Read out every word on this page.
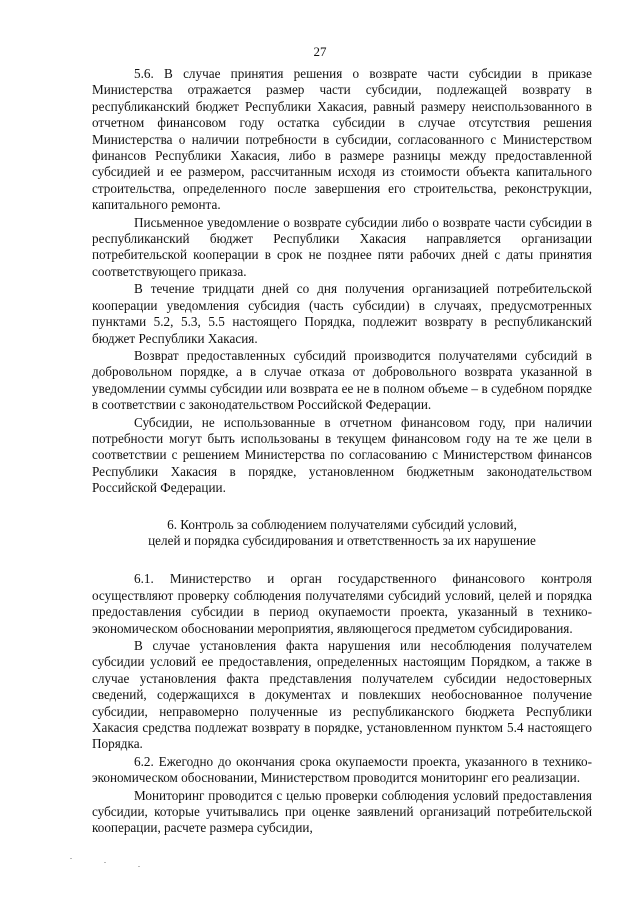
27

5.6. В случае принятия решения о возврате части субсидии в приказе Министерства отражается размер части субсидии, подлежащей возврату в республиканский бюджет Республики Хакасия, равный размеру неиспользованного в отчетном финансовом году остатка субсидии в случае отсутствия решения Министерства о наличии потребности в субсидии, согласованного с Министерством финансов Республики Хакасия, либо в размере разницы между предоставленной субсидией и ее размером, рассчитанным исходя из стоимости объекта капитального строительства, определенного после завершения его строительства, реконструкции, капитального ремонта.

Письменное уведомление о возврате субсидии либо о возврате части субсидии в республиканский бюджет Республики Хакасия направляется организации потребительской кооперации в срок не позднее пяти рабочих дней с даты принятия соответствующего приказа.

В течение тридцати дней со дня получения организацией потребительской кооперации уведомления субсидия (часть субсидии) в случаях, предусмотренных пунктами 5.2, 5.3, 5.5 настоящего Порядка, подлежит возврату в республиканский бюджет Республики Хакасия.

Возврат предоставленных субсидий производится получателями субсидий в добровольном порядке, а в случае отказа от добровольного возврата указанной в уведомлении суммы субсидии или возврата ее не в полном объеме – в судебном порядке в соответствии с законодательством Российской Федерации.

Субсидии, не использованные в отчетном финансовом году, при наличии потребности могут быть использованы в текущем финансовом году на те же цели в соответствии с решением Министерства по согласованию с Министерством финансов Республики Хакасия в порядке, установленном бюджетным законодательством Российской Федерации.

6. Контроль за соблюдением получателями субсидий условий,
целей и порядка субсидирования и ответственность за их нарушение

6.1. Министерство и орган государственного финансового контроля осуществляют проверку соблюдения получателями субсидий условий, целей и порядка предоставления субсидии в период окупаемости проекта, указанный в технико-экономическом обосновании мероприятия, являющегося предметом субсидирования.

В случае установления факта нарушения или несоблюдения получателем субсидии условий ее предоставления, определенных настоящим Порядком, а также в случае установления факта представления получателем субсидии недостоверных сведений, содержащихся в документах и повлекших необоснованное получение субсидии, неправомерно полученные из республиканского бюджета Республики Хакасия средства подлежат возврату в порядке, установленном пунктом 5.4 настоящего Порядка.

6.2. Ежегодно до окончания срока окупаемости проекта, указанного в технико-экономическом обосновании, Министерством проводится мониторинг его реализации.

Мониторинг проводится с целью проверки соблюдения условий предоставления субсидии, которые учитывались при оценке заявлений организаций потребительской кооперации, расчете размера субсидии,
